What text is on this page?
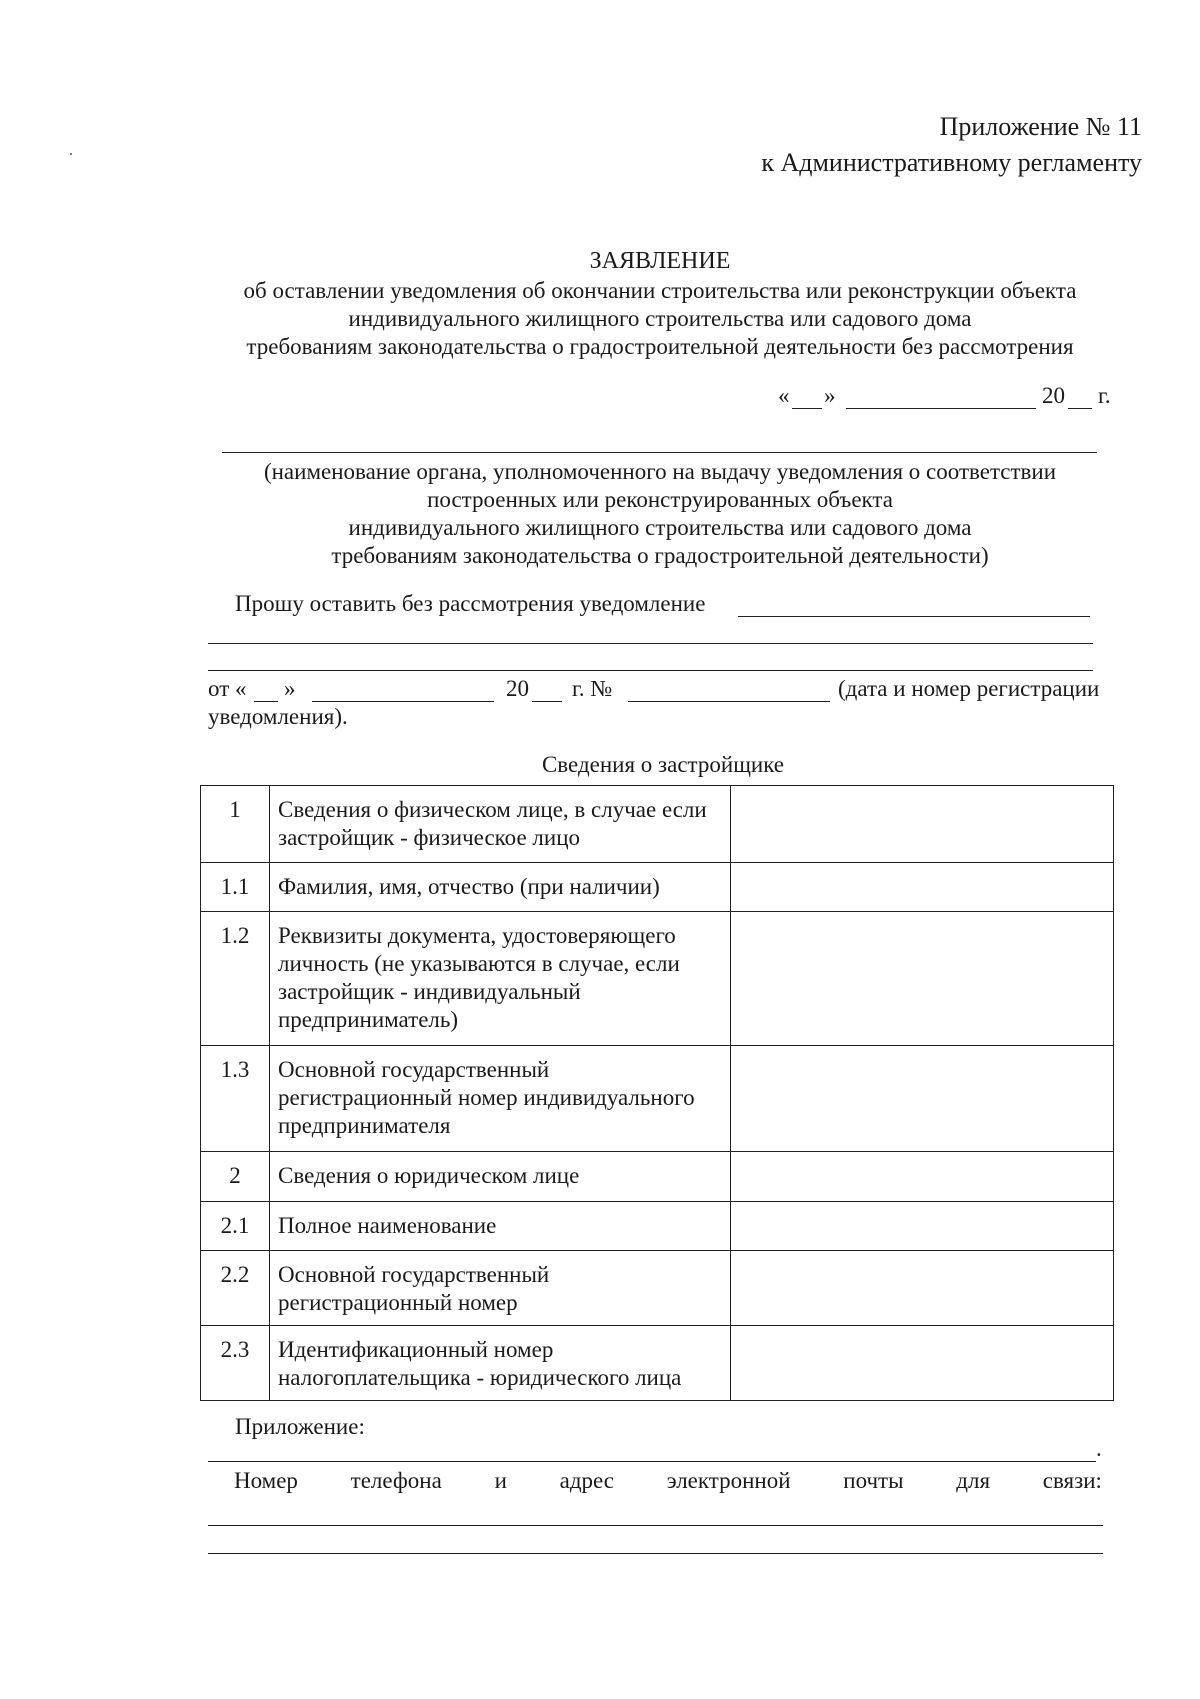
Приложение № 11
к Административному регламенту
ЗАЯВЛЕНИЕ
об оставлении уведомления об окончании строительства или реконструкции объекта
индивидуального жилищного строительства или садового дома
требованиям законодательства о градостроительной деятельности без рассмотрения
« »	20 г.
(наименование органа, уполномоченного на выдачу уведомления о соответствии
построенных или реконструированных объекта
индивидуального жилищного строительства или садового дома
требованиям законодательства о градостроительной деятельности)
Прошу оставить без рассмотрения уведомление
от « »	20 г. №	(дата и номер регистрации
уведомления).
Сведения о застройщике
1	Сведения о физическом лице, в случае если застройщик - физическое лицо	
1.1	Фамилия, имя, отчество (при наличии)	
1.2	Реквизиты документа, удостоверяющего личность (не указываются в случае, если застройщик - индивидуальный предприниматель)	
1.3	Основной государственный регистрационный номер индивидуального предпринимателя	
2	Сведения о юридическом лице	
2.1	Полное наименование	
2.2	Основной государственный регистрационный номер	
2.3	Идентификационный номер налогоплательщика - юридического лица	
Приложение:
.
Номер телефона и адрес электронной почты для связи:
